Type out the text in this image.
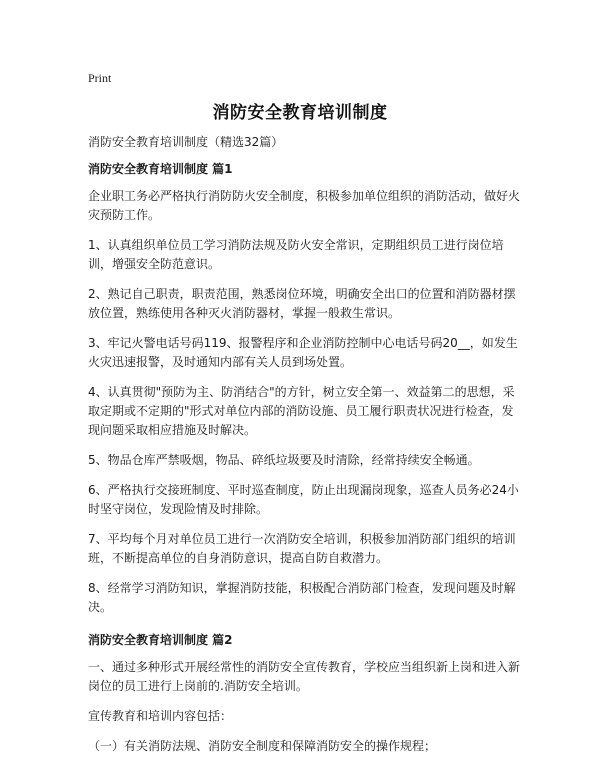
Print
消防安全教育培训制度
消防安全教育培训制度（精选32篇）
消防安全教育培训制度 篇1
企业职工务必严格执行消防防火安全制度，积极参加单位组织的消防活动，做好火灾预防工作。
1、认真组织单位员工学习消防法规及防火安全常识，定期组织员工进行岗位培训，增强安全防范意识。
2、熟记自己职责，职责范围，熟悉岗位环境，明确安全出口的位置和消防器材摆放位置，熟练使用各种灭火消防器材，掌握一般救生常识。
3、牢记火警电话号码119、报警程序和企业消防控制中心电话号码20__，如发生火灾迅速报警，及时通知内部有关人员到场处置。
4、认真贯彻"预防为主、防消结合"的方针，树立安全第一、效益第二的思想，采取定期或不定期的"形式对单位内部的消防设施、员工履行职责状况进行检查，发现问题采取相应措施及时解决。
5、物品仓库严禁吸烟，物品、碎纸垃圾要及时清除，经常持续安全畅通。
6、严格执行交接班制度、平时巡查制度，防止出现漏岗现象，巡查人员务必24小时坚守岗位，发现险情及时排除。
7、平均每个月对单位员工进行一次消防安全培训，积极参加消防部门组织的培训班，不断提高单位的自身消防意识，提高自防自救潜力。
8、经常学习消防知识，掌握消防技能，积极配合消防部门检查，发现问题及时解决。
消防安全教育培训制度 篇2
一、通过多种形式开展经常性的消防安全宣传教育，学校应当组织新上岗和进入新岗位的员工进行上岗前的.消防安全培训。
宣传教育和培训内容包括：
（一）有关消防法规、消防安全制度和保障消防安全的操作规程；
